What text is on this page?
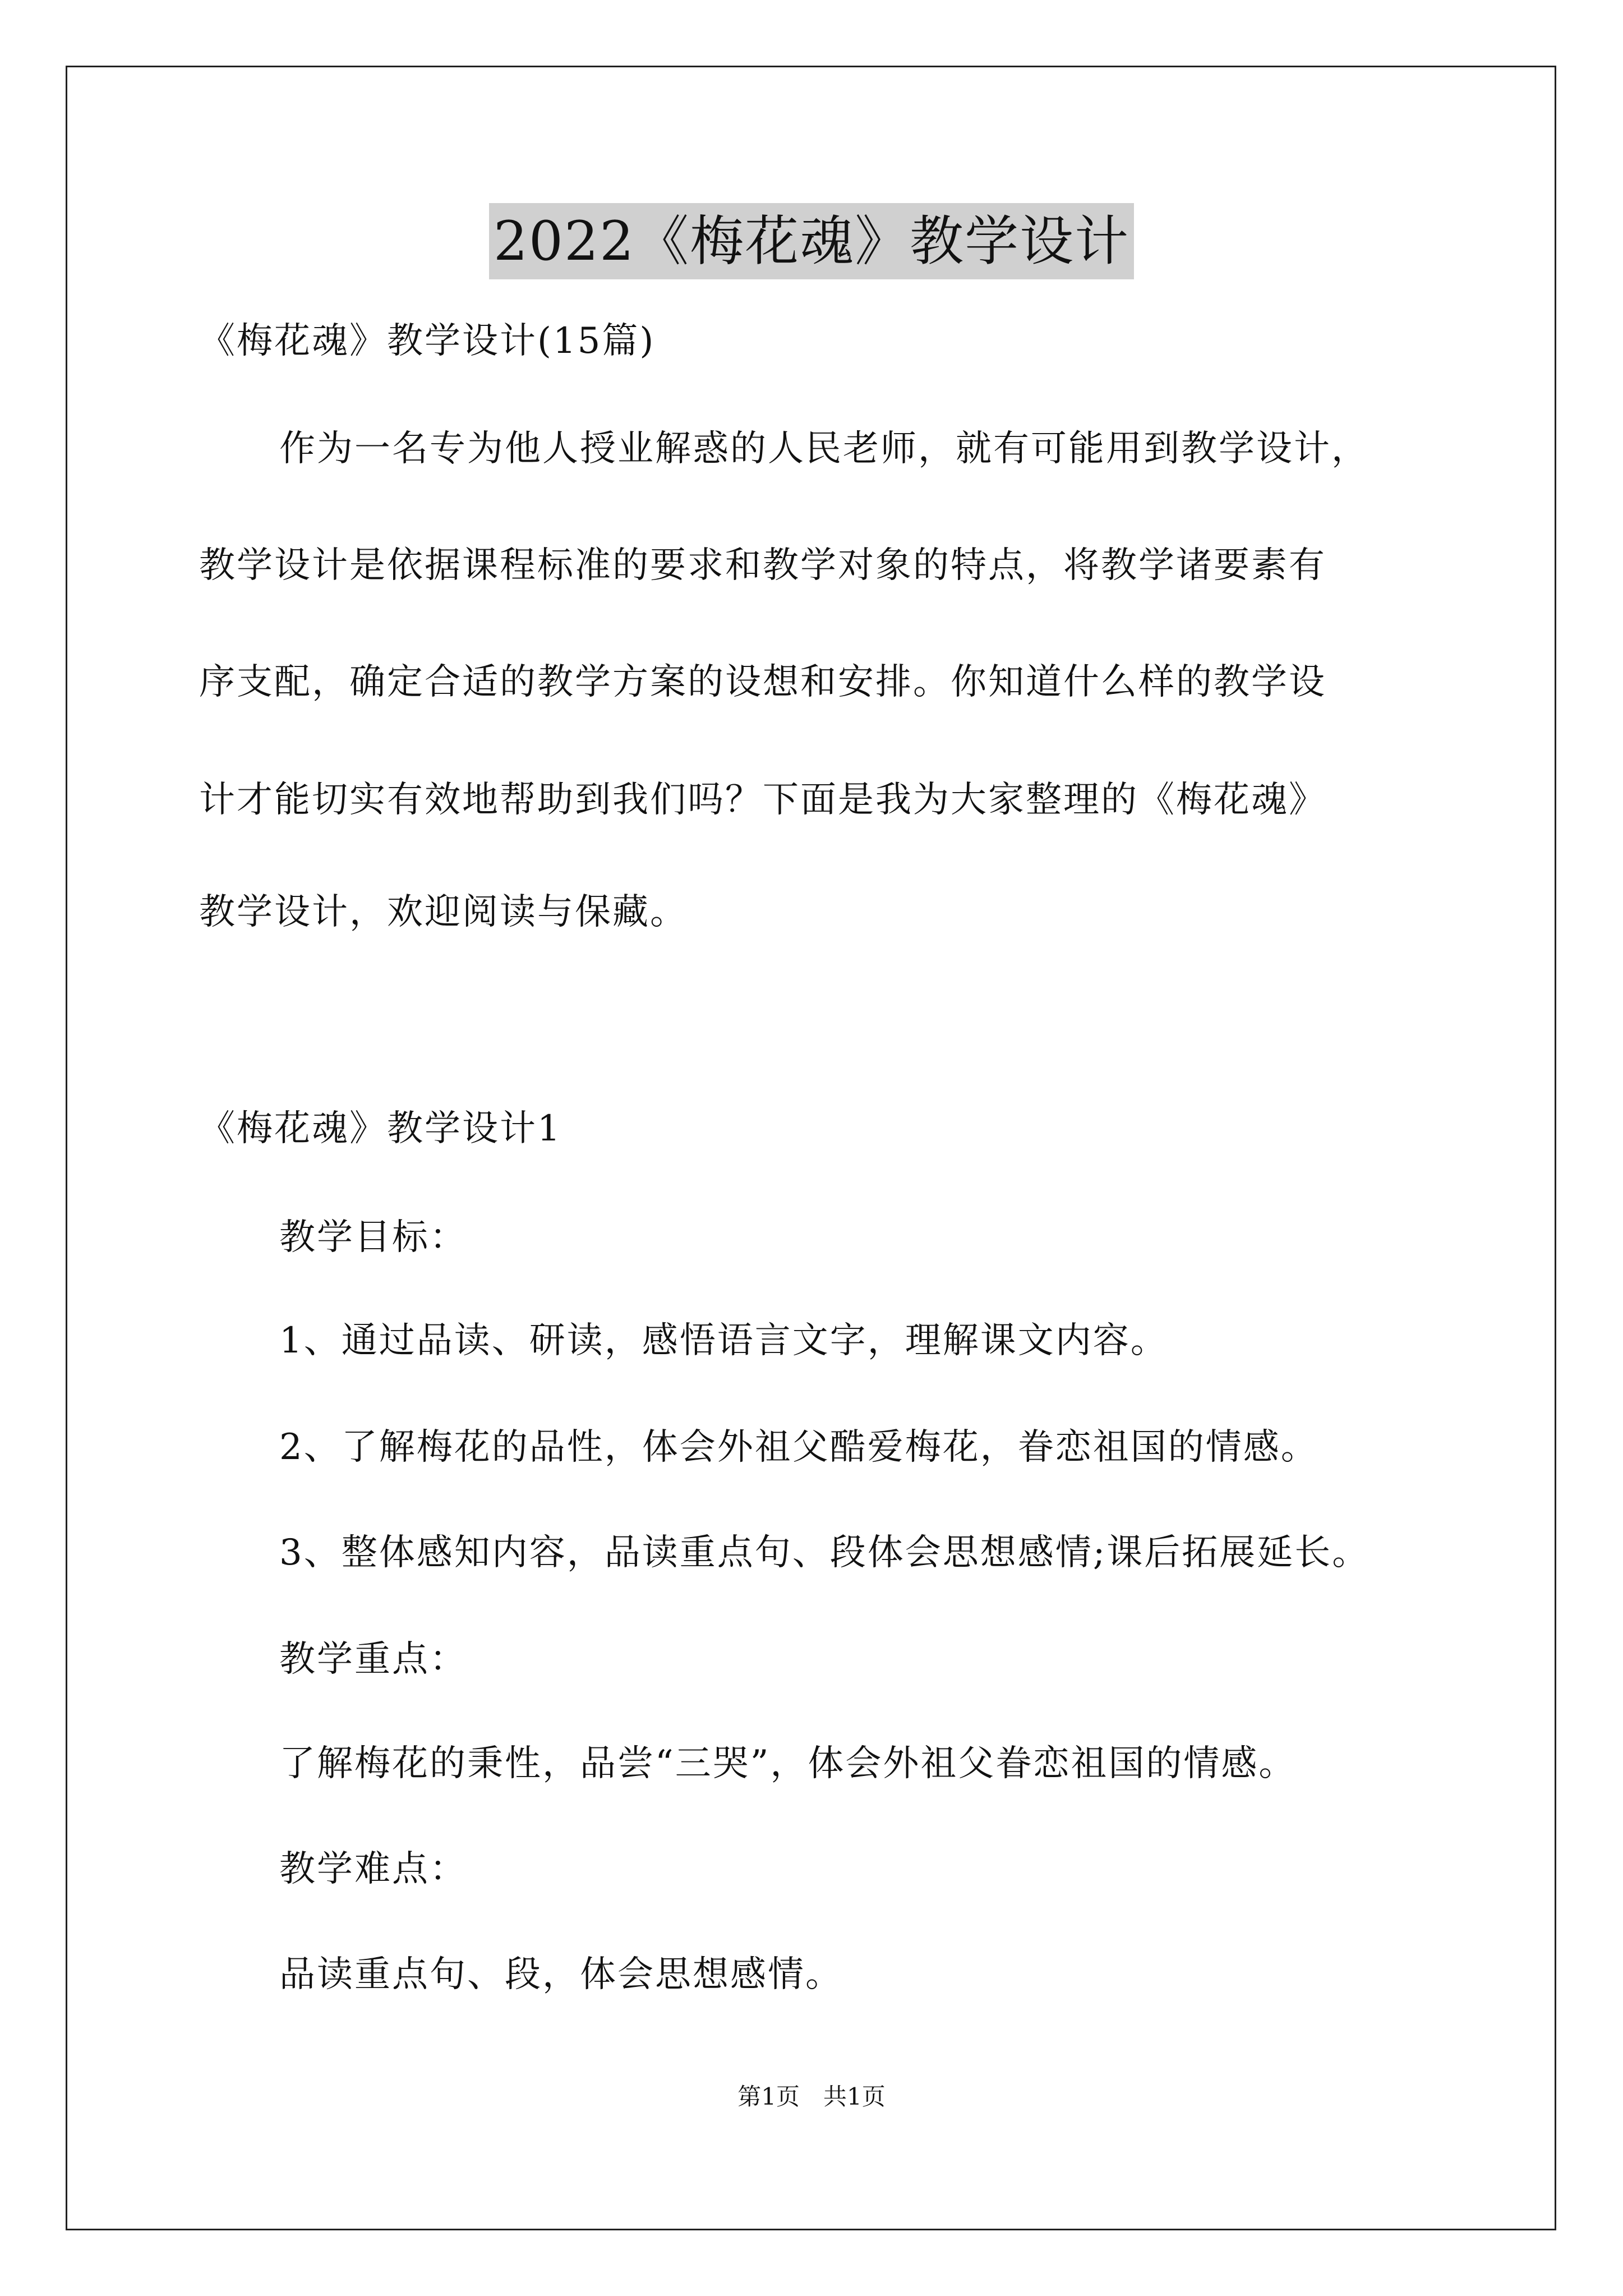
2022《梅花魂》教学设计
《梅花魂》教学设计(15篇)
作为一名专为他人授业解惑的人民老师，就有可能用到教学设计，
教学设计是依据课程标准的要求和教学对象的特点，将教学诸要素有
序支配，确定合适的教学方案的设想和安排。你知道什么样的教学设
计才能切实有效地帮助到我们吗？下面是我为大家整理的《梅花魂》
教学设计，欢迎阅读与保藏。
《梅花魂》教学设计1
教学目标：
1、通过品读、研读，感悟语言文字，理解课文内容。
2、了解梅花的品性，体会外祖父酷爱梅花，眷恋祖国的情感。
3、整体感知内容，品读重点句、段体会思想感情;课后拓展延长。
教学重点：
了解梅花的秉性，品尝“三哭”，体会外祖父眷恋祖国的情感。
教学难点：
品读重点句、段，体会思想感情。
第1页　共1页
